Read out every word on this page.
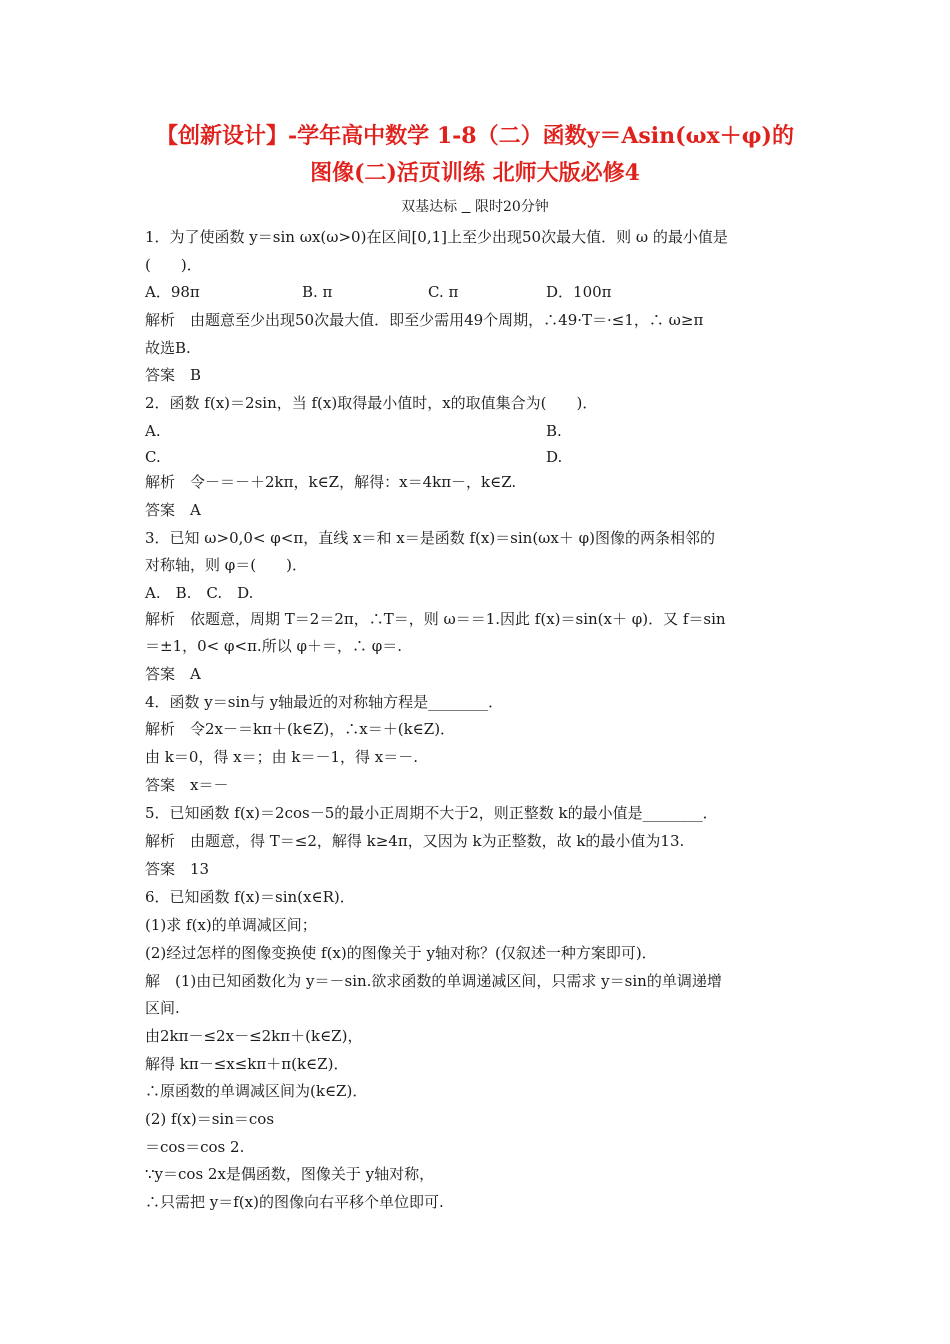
【创新设计】-学年高中数学 1-8（二）函数y＝Asin(ωx＋φ)的
图像(二)活页训练 北师大版必修4
双基达标 限时20分钟
1．为了使函数 y＝sin ωx(ω>0)在区间[0,1]上至少出现50次最大值．则 ω 的最小值是
(　　)．
A．98π	B. π	C. π	D．100π
解析　由题意至少出现50次最大值．即至少需用49个周期，∴49·T＝·≤1，∴ ω≥π
故选B.
答案　B
2．函数 f(x)＝2sin，当 f(x)取得最小值时，x的取值集合为(　　)．
A.	B.
C.	D.
解析　令－＝－＋2kπ，k∈Z，解得：x＝4kπ－，k∈Z.
答案　A
3．已知 ω>0,0< φ<π，直线 x＝和 x＝是函数 f(x)＝sin(ωx＋ φ)图像的两条相邻的
对称轴，则 φ＝(　　)．
A.　B.　C.　D.
解析　依题意，周期 T＝2＝2π，∴T＝，则 ω＝＝1.因此 f(x)＝sin(x＋ φ)．又 f＝sin
＝±1，0< φ<π.所以 φ＋＝，∴ φ＝.
答案　A
4．函数 y＝sin与 y轴最近的对称轴方程是________．
解析　令2x－＝kπ＋(k∈Z)，∴x＝＋(k∈Z)．
由 k＝0，得 x＝；由 k＝－1，得 x＝－.
答案　x＝－
5．已知函数 f(x)＝2cos－5的最小正周期不大于2，则正整数 k的最小值是________．
解析　由题意，得 T＝≤2，解得 k≥4π，又因为 k为正整数，故 k的最小值为13.
答案　13
6．已知函数 f(x)＝sin(x∈R)．
(1)求 f(x)的单调减区间；
(2)经过怎样的图像变换使 f(x)的图像关于 y轴对称？(仅叙述一种方案即可)．
解　(1)由已知函数化为 y＝－sin.欲求函数的单调递减区间，只需求 y＝sin的单调递增
区间.
由2kπ－≤2x－≤2kπ＋(k∈Z)，
解得 kπ－≤x≤kπ＋π(k∈Z)．
∴原函数的单调减区间为(k∈Z)．
(2) f(x)＝sin＝cos
＝cos＝cos 2.
∵y＝cos 2x是偶函数，图像关于 y轴对称，
∴只需把 y＝f(x)的图像向右平移个单位即可.
